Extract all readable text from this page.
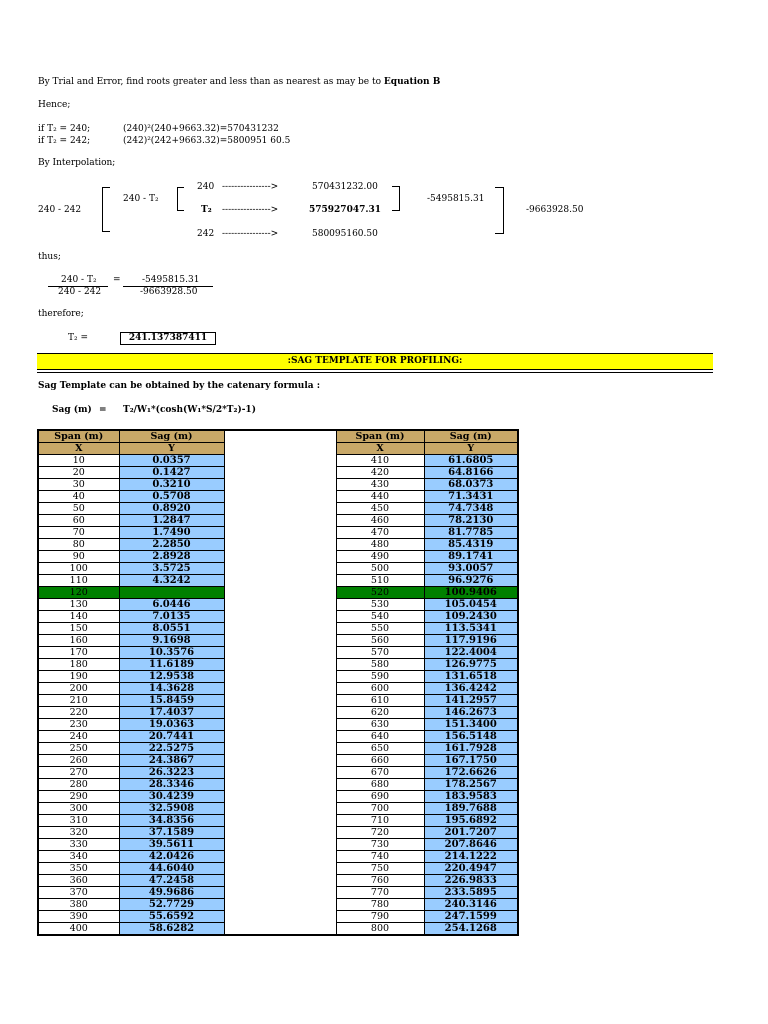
By Trial and Error, find roots greater and less than as nearest as may be to Equation B
Hence;
if T₂ = 240;	(240)²(240+9663.32)=570431232
if T₂ = 242;	(242)²(242+9663.32)=5800951 60.5
By Interpolation;
240 - 242
240 - T₂
240 ---------------->	570431232.00
T₂ ---------------->	575927047.31
242 ---------------->	580095160.50
-5495815.31
-9663928.50
thus;
240 - T₂
240 - 242
= -5495815.31
-9663928.50
therefore;
T₂ =	241.137387411
:SAG TEMPLATE FOR PROFILING:
Sag Template can be obtained by the catenary formula :
Sag (m) = T₂/W₁*(cosh(W₁*S/2*T₂)-1)
Span (m)	Sag (m)		Span (m)	Sag (m)
X	Y		X	Y
10	0.0357		410	61.6805
20	0.1427		420	64.8166
30	0.3210		430	68.0373
40	0.5708		440	71.3431
50	0.8920		450	74.7348
60	1.2847		460	78.2130
70	1.7490		470	81.7785
80	2.2850		480	85.4319
90	2.8928		490	89.1741
100	3.5725		500	93.0057
110	4.3242		510	96.9276
120			520	100.9406
130	6.0446		530	105.0454
140	7.0135		540	109.2430
150	8.0551		550	113.5341
160	9.1698		560	117.9196
170	10.3576		570	122.4004
180	11.6189		580	126.9775
190	12.9538		590	131.6518
200	14.3628		600	136.4242
210	15.8459		610	141.2957
220	17.4037		620	146.2673
230	19.0363		630	151.3400
240	20.7441		640	156.5148
250	22.5275		650	161.7928
260	24.3867		660	167.1750
270	26.3223		670	172.6626
280	28.3346		680	178.2567
290	30.4239		690	183.9583
300	32.5908		700	189.7688
310	34.8356		710	195.6892
320	37.1589		720	201.7207
330	39.5611		730	207.8646
340	42.0426		740	214.1222
350	44.6040		750	220.4947
360	47.2458		760	226.9833
370	49.9686		770	233.5895
380	52.7729		780	240.3146
390	55.6592		790	247.1599
400	58.6282		800	254.1268
